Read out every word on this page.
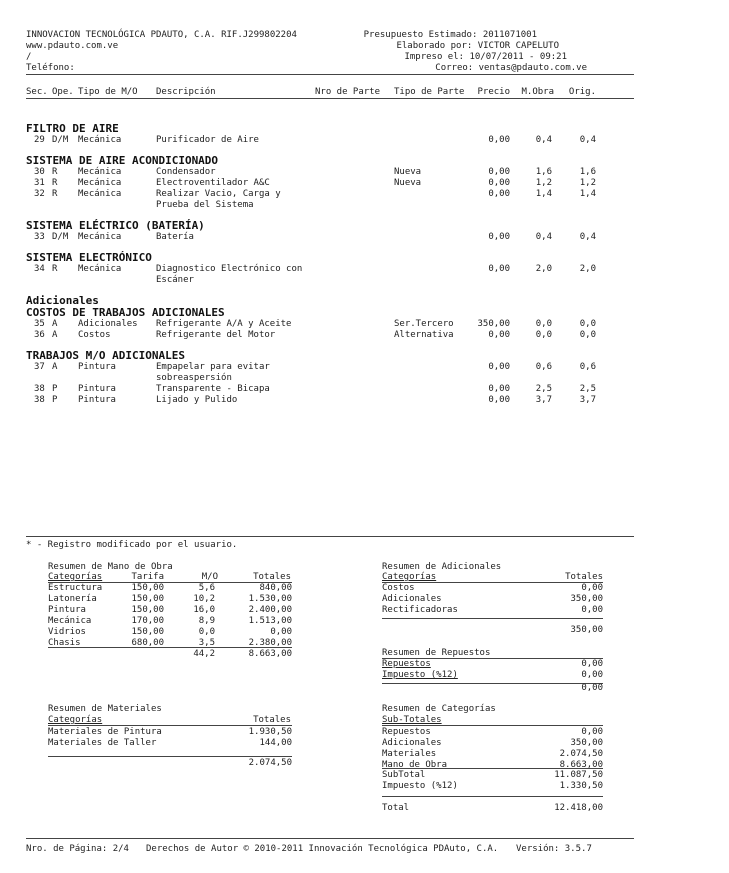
INNOVACION TECNOLÓGICA PDAUTO, C.A. RIF.J299802204
www.pdauto.com.ve
/
Teléfono:
Presupuesto Estimado: 2011071001
Elaborado por: VICTOR CAPELUTO
Impreso el: 10/07/2011 - 09:21
Correo: ventas@pdauto.com.ve
Sec. Ope. Tipo de M/O Descripción	Nro de Parte Tipo de Parte Precio M.Obra Orig.
FILTRO DE AIRE
29 D/M Mecánica	Purificador de Aire	0,00	0,4	0,4
SISTEMA DE AIRE ACONDICIONADO
30 R Mecánica	Condensador	Nueva	0,00	1,6	1,6
31 R Mecánica	Electroventilador A&C	Nueva	0,00	1,2	1,2
32 R Mecánica	Realizar Vacio, Carga y	0,00	1,4	1,4
Prueba del Sistema
SISTEMA ELÉCTRICO (BATERÍA)
33 D/M Mecánica	Batería	0,00	0,4	0,4
SISTEMA ELECTRÓNICO
34 R Mecánica	Diagnostico Electrónico con	0,00	2,0	2,0
Escáner
Adicionales
COSTOS DE TRABAJOS ADICIONALES
35 A Adicionales Refrigerante A/A y Aceite	Ser.Tercero	350,00	0,0	0,0
36 A Costos	Refrigerante del Motor	Alternativa	0,00	0,0	0,0
TRABAJOS M/O ADICIONALES
37 A Pintura	Empapelar para evitar	0,00	0,6	0,6
sobreaspersión
38 P Pintura	Transparente - Bicapa	0,00	2,5	2,5
38 P Pintura	Lijado y Pulido	0,00	3,7	3,7
* - Registro modificado por el usuario.
Resumen de Mano de Obra
Categorías	Tarifa	M/O	Totales
Estructura	150,00	5,6	840,00
Latonería	150,00	10,2	1.530,00
Pintura	150,00	16,0	2.400,00
Mecánica	170,00	8,9	1.513,00
Vidrios	150,00	0,0	0,00
Chasis	680,00	3,5	2.380,00
44,2	8.663,00
Resumen de Adicionales
Categorías	Totales
Costos	0,00
Adicionales	350,00
Rectificadoras	0,00
350,00
Resumen de Repuestos
Repuestos	0,00
Impuesto (%12)	0,00
0,00
Resumen de Materiales
Categorías	Totales
Materiales de Pintura	1.930,50
Materiales de Taller	144,00
2.074,50
Resumen de Categorías
Sub-Totales
Repuestos	0,00
Adicionales	350,00
Materiales	2.074,50
Mano de Obra	8.663,00
SubTotal	11.087,50
Impuesto (%12)	1.330,50
Total	12.418,00
Nro. de Página: 2/4 Derechos de Autor © 2010-2011 Innovación Tecnológica PDAuto, C.A. Versión: 3.5.7
